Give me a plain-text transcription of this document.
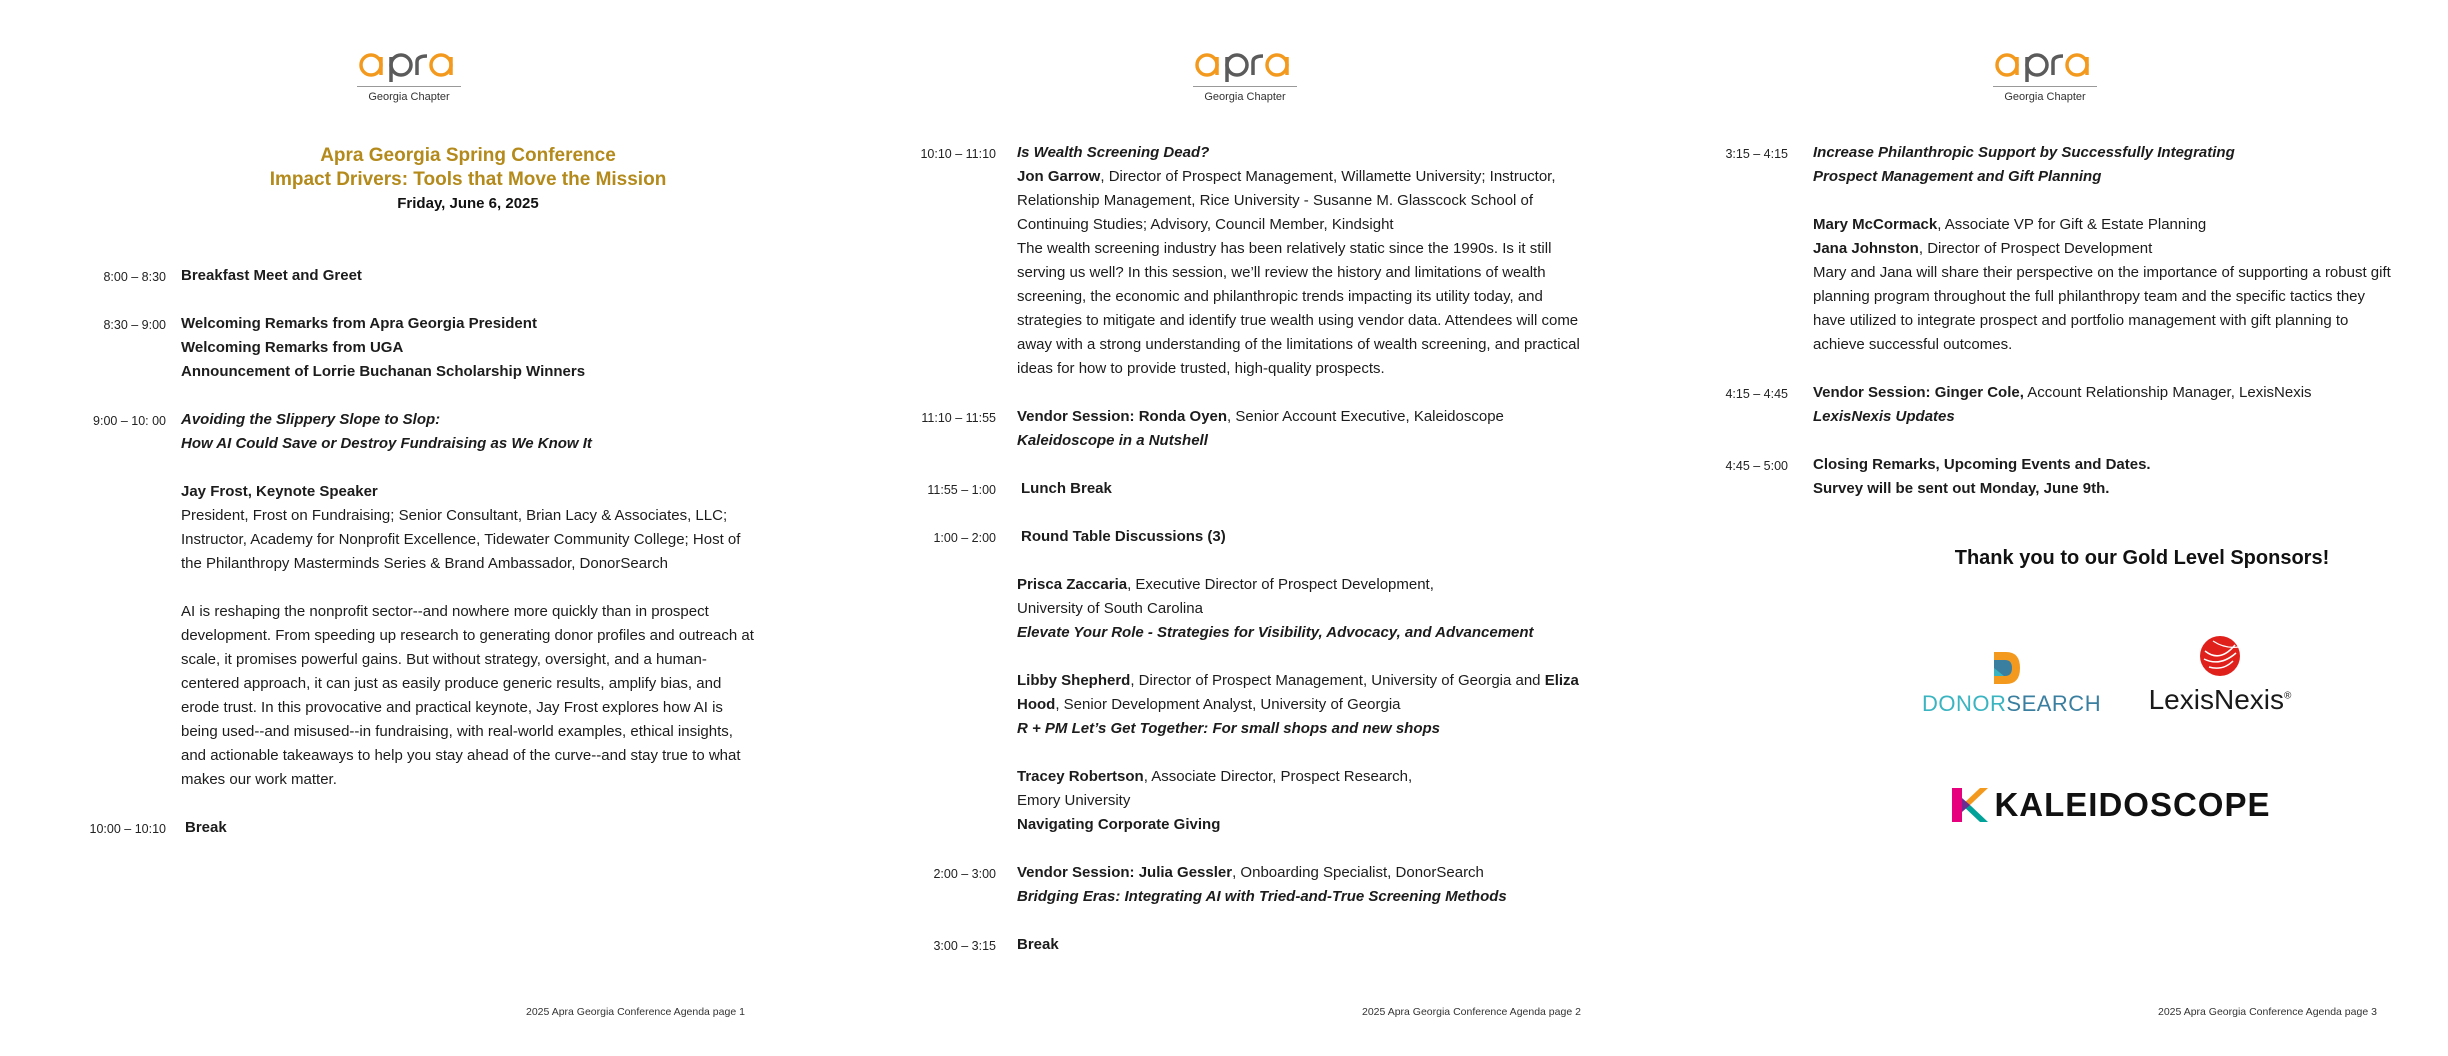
Georgia Chapter
Apra Georgia Spring Conference
Impact Drivers: Tools that Move the Mission
Friday, June 6, 2025
8:00 – 8:30 Breakfast Meet and Greet

8:30 – 9:00 Welcoming Remarks from Apra Georgia President

Welcoming Remarks from UGA

Announcement of Lorrie Buchanan Scholarship Winners

9:00 – 10: 00 Avoiding the Slippery Slope to Slop:

How AI Could Save or Destroy Fundraising as We Know It

Jay Frost, Keynote Speaker

President, Frost on Fundraising; Senior Consultant, Brian Lacy & Associates, LLC; Instructor, Academy for Nonprofit Excellence, Tidewater Community College; Host of the Philanthropy Masterminds Series & Brand Ambassador, DonorSearch

AI is reshaping the nonprofit sector--and nowhere more quickly than in prospect development. From speeding up research to generating donor profiles and outreach at scale, it promises powerful gains. But without strategy, oversight, and a human-centered approach, it can just as easily produce generic results, amplify bias, and erode trust. In this provocative and practical keynote, Jay Frost explores how AI is being used--and misused--in fundraising, with real-world examples, ethical insights, and actionable takeaways to help you stay ahead of the curve--and stay true to what makes our work matter.

10:00 – 10:10 Break

2025 Apra Georgia Conference Agenda page 1
Georgia Chapter
10:10 – 11:10 Is Wealth Screening Dead?

Jon Garrow, Director of Prospect Management, Willamette University; Instructor, Relationship Management, Rice University - Susanne M. Glasscock School of Continuing Studies; Advisory, Council Member, Kindsight

The wealth screening industry has been relatively static since the 1990s. Is it still serving us well? In this session, we’ll review the history and limitations of wealth screening, the economic and philanthropic trends impacting its utility today, and strategies to mitigate and identify true wealth using vendor data. Attendees will come away with a strong understanding of the limitations of wealth screening, and practical ideas for how to provide trusted, high-quality prospects.

11:10 – 11:55 Vendor Session: Ronda Oyen, Senior Account Executive, Kaleidoscope

Kaleidoscope in a Nutshell

11:55 – 1:00 Lunch Break

1:00 – 2:00 Round Table Discussions (3)

Prisca Zaccaria, Executive Director of Prospect Development,

University of South Carolina

Elevate Your Role - Strategies for Visibility, Advocacy, and Advancement

Libby Shepherd, Director of Prospect Management, University of Georgia and Eliza

Hood, Senior Development Analyst, University of Georgia

R + PM Let’s Get Together: For small shops and new shops

Tracey Robertson, Associate Director, Prospect Research,

Emory University

Navigating Corporate Giving

2:00 – 3:00 Vendor Session: Julia Gessler, Onboarding Specialist, DonorSearch

Bridging Eras: Integrating AI with Tried-and-True Screening Methods

3:00 – 3:15 Break

2025 Apra Georgia Conference Agenda page 2
Georgia Chapter
3:15 – 4:15 Increase Philanthropic Support by Successfully Integrating

Prospect Management and Gift Planning

Mary McCormack, Associate VP for Gift & Estate Planning

Jana Johnston, Director of Prospect Development

Mary and Jana will share their perspective on the importance of supporting a robust gift planning program throughout the full philanthropy team and the specific tactics they have utilized to integrate prospect and portfolio management with gift planning to achieve successful outcomes.

4:15 – 4:45 Vendor Session: Ginger Cole, Account Relationship Manager, LexisNexis

LexisNexis Updates

4:45 – 5:00 Closing Remarks, Upcoming Events and Dates.

Survey will be sent out Monday, June 9th.

Thank you to our Gold Level Sponsors!
DONORSEARCH	LexisNexis®
KALEIDOSCOPE
2025 Apra Georgia Conference Agenda page 3
